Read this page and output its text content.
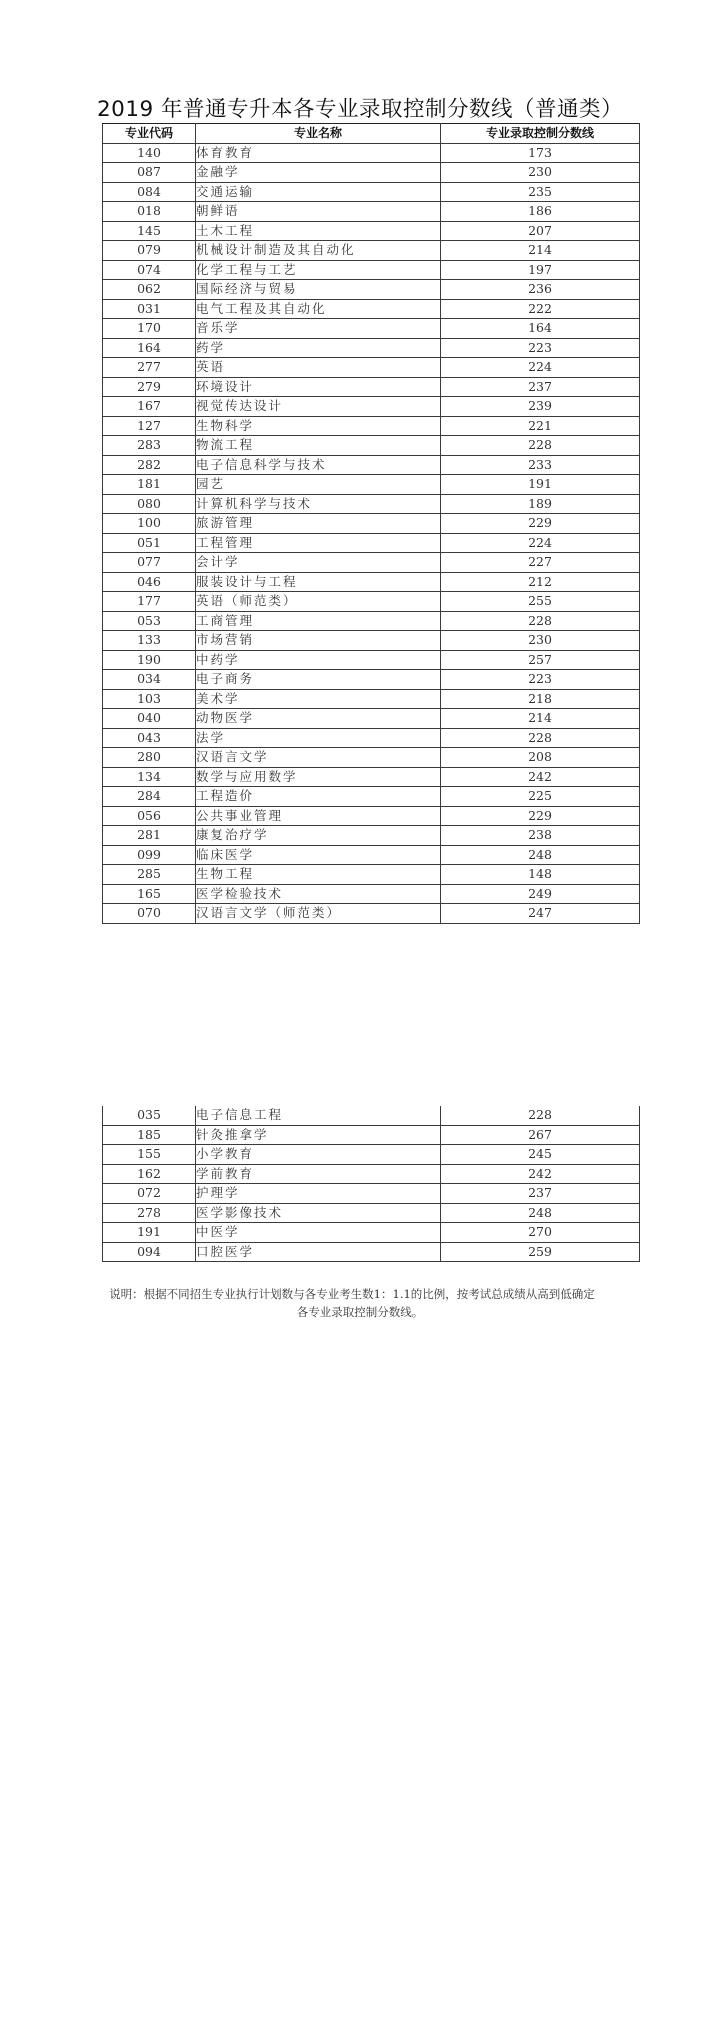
2019 年普通专升本各专业录取控制分数线（普通类）
专业代码	专业名称	专业录取控制分数线
140	体育教育	173
087	金融学	230
084	交通运输	235
018	朝鲜语	186
145	土木工程	207
079	机械设计制造及其自动化	214
074	化学工程与工艺	197
062	国际经济与贸易	236
031	电气工程及其自动化	222
170	音乐学	164
164	药学	223
277	英语	224
279	环境设计	237
167	视觉传达设计	239
127	生物科学	221
283	物流工程	228
282	电子信息科学与技术	233
181	园艺	191
080	计算机科学与技术	189
100	旅游管理	229
051	工程管理	224
077	会计学	227
046	服装设计与工程	212
177	英语（师范类）	255
053	工商管理	228
133	市场营销	230
190	中药学	257
034	电子商务	223
103	美术学	218
040	动物医学	214
043	法学	228
280	汉语言文学	208
134	数学与应用数学	242
284	工程造价	225
056	公共事业管理	229
281	康复治疗学	238
099	临床医学	248
285	生物工程	148
165	医学检验技术	249
070	汉语言文学（师范类）	247
035	电子信息工程	228
185	针灸推拿学	267
155	小学教育	245
162	学前教育	242
072	护理学	237
278	医学影像技术	248
191	中医学	270
094	口腔医学	259
说明：根据不同招生专业执行计划数与各专业考生数1：1.1的比例，按考试总成绩从高到低确定
各专业录取控制分数线。
